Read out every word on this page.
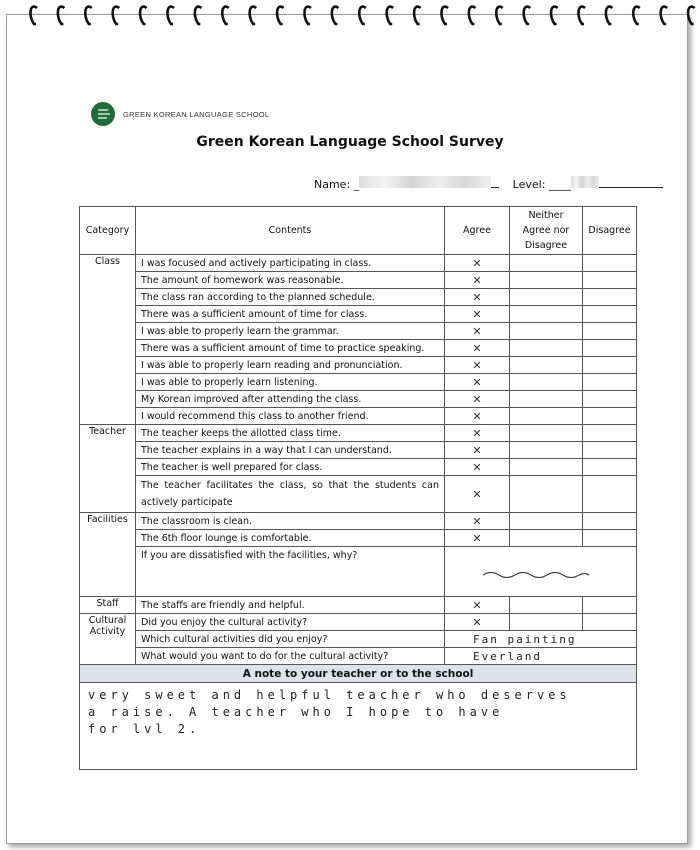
GREEN KOREAN LANGUAGE SCHOOL
Green Korean Language School Survey
Name: _	Level: ____
Category	Contents	Agree	Neither Agree nor Disagree	Disagree
Class	I was focused and actively participating in class.	✕		
	The amount of homework was reasonable.	✕		
	The class ran according to the planned schedule.	✕		
	There was a sufficient amount of time for class.	✕		
	I was able to properly learn the grammar.	✕		
	There was a sufficient amount of time to practice speaking.	✕		
	I was able to properly learn reading and pronunciation.	✕		
	I was able to properly learn listening.	✕		
	My Korean improved after attending the class.	✕		
	I would recommend this class to another friend.	✕		
Teacher	The teacher keeps the allotted class time.	✕		
	The teacher explains in a way that I can understand.	✕		
	The teacher is well prepared for class.	✕		
	The teacher facilitates the class, so that the students can actively participate	✕		
Facilities	The classroom is clean.	✕		
	The 6th floor lounge is comfortable.	✕		
	If you are dissatisfied with the facilities, why?	
Staff	The staffs are friendly and helpful.	✕		
Cultural Activity	Did you enjoy the cultural activity?	✕		
	Which cultural activities did you enjoy?	Fan painting		
	What would you want to do for the cultural activity?	Everland		
A note to your teacher or to the school				

very sweet and helpful teacher who deserves
a raise. A teacher who I hope to have
for lvl 2.				
